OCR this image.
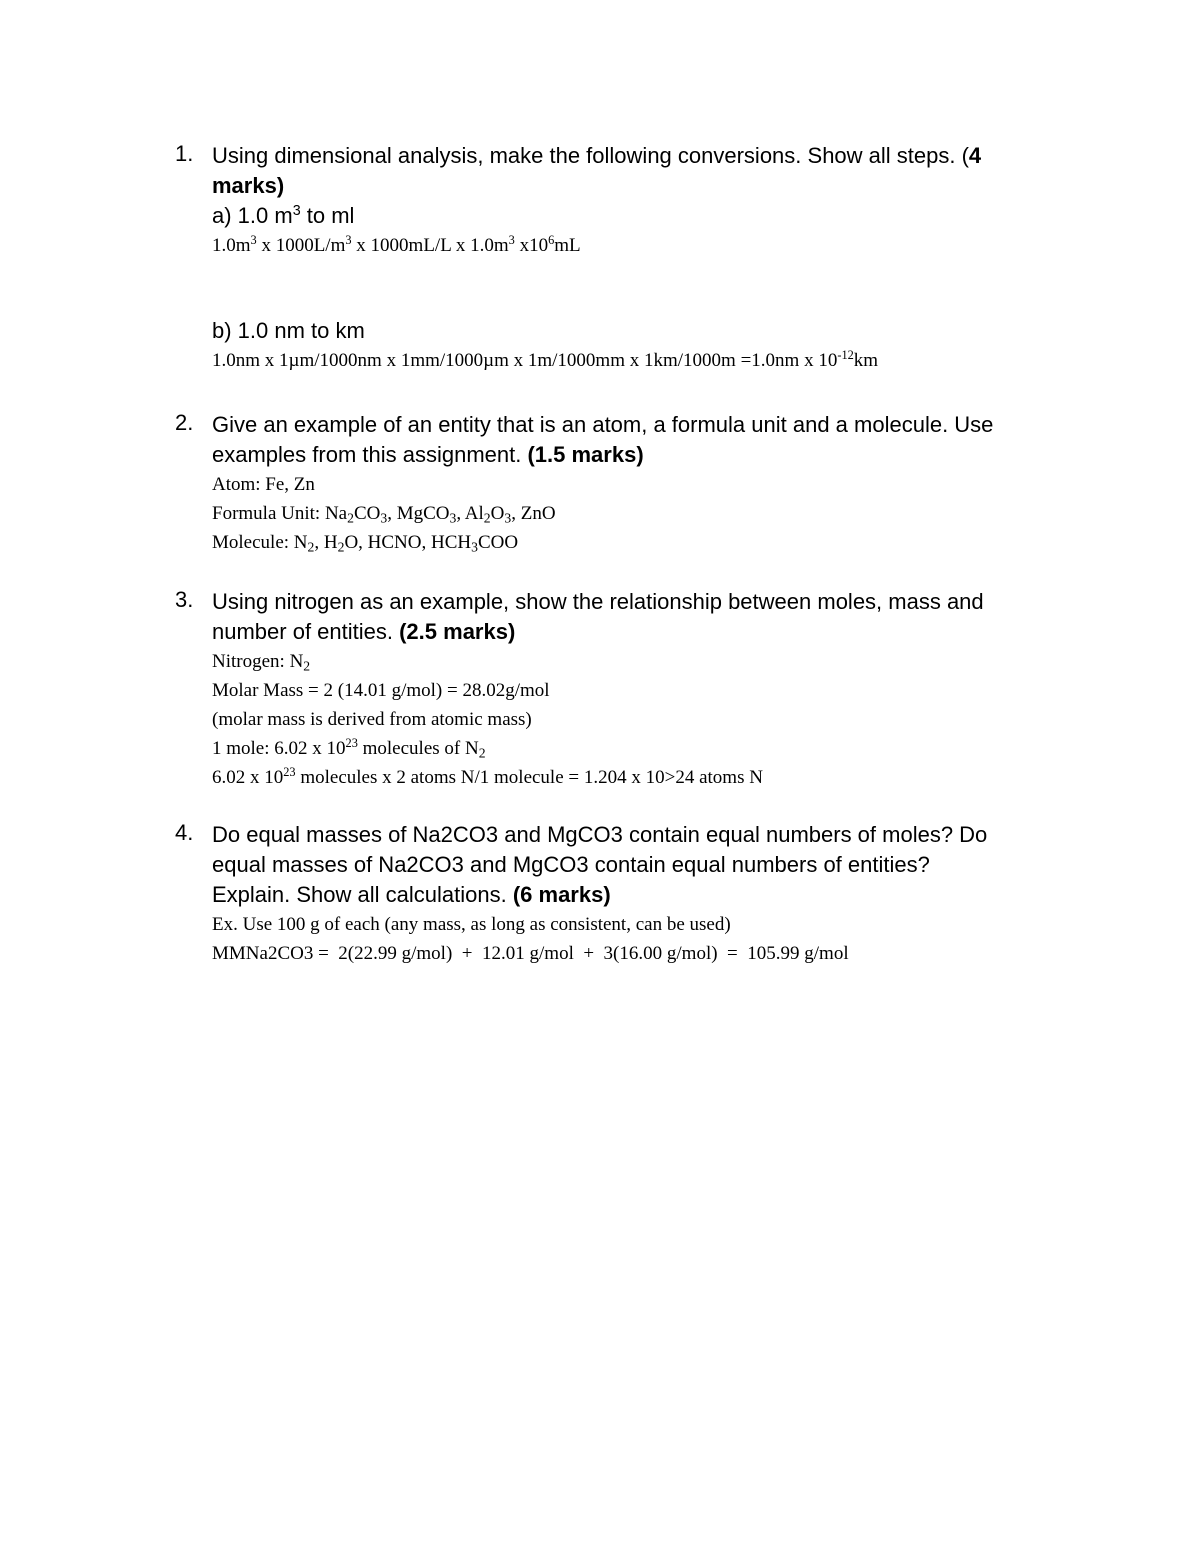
1. Using dimensional analysis, make the following conversions. Show all steps. (4
marks)
a) 1.0 $m^3$ to ml
$1.0m^3$ x $1000L/m^3$ x 1000mL/L x $1.0m^3$ $x10^6mL$
b) 1.0 nm to km
1.0nm x 1µm/1000nm x 1mm/1000µm x 1m/1000mm x 1km/1000m =1.0nm x $10^{-12}km$
2. Give an example of an entity that is an atom, a formula unit and a molecule. Use
examples from this assignment. (1.5 marks)
Atom: Fe, Zn
Formula Unit: $Na_2CO_3$, MgCO$_3$, $Al_2O_3$, ZnO
Molecule: $N_2$, $H_2O$, HCNO, $HCH_3COO$
3. Using nitrogen as an example, show the relationship between moles, mass and
number of entities. (2.5 marks)
Nitrogen: $N_2$
Molar Mass = 2 (14.01 g/mol) = 28.02g/mol
(molar mass is derived from atomic mass)
1 mole: 6.02 x $10^{23}$ molecules of $N_2$
6.02 x $10^{23}$ molecules x 2 atoms N/1 molecule = 1.204 x 10>24 atoms N
4. Do equal masses of Na2CO3 and MgCO3 contain equal numbers of moles? Do
equal masses of Na2CO3 and MgCO3 contain equal numbers of entities?
Explain. Show all calculations. (6 marks)
Ex. Use 100 g of each (any mass, as long as consistent, can be used)
MMNa2CO3 =  2(22.99 g/mol)  +  12.01 g/mol  +  3(16.00 g/mol)  =  105.99 g/mol
